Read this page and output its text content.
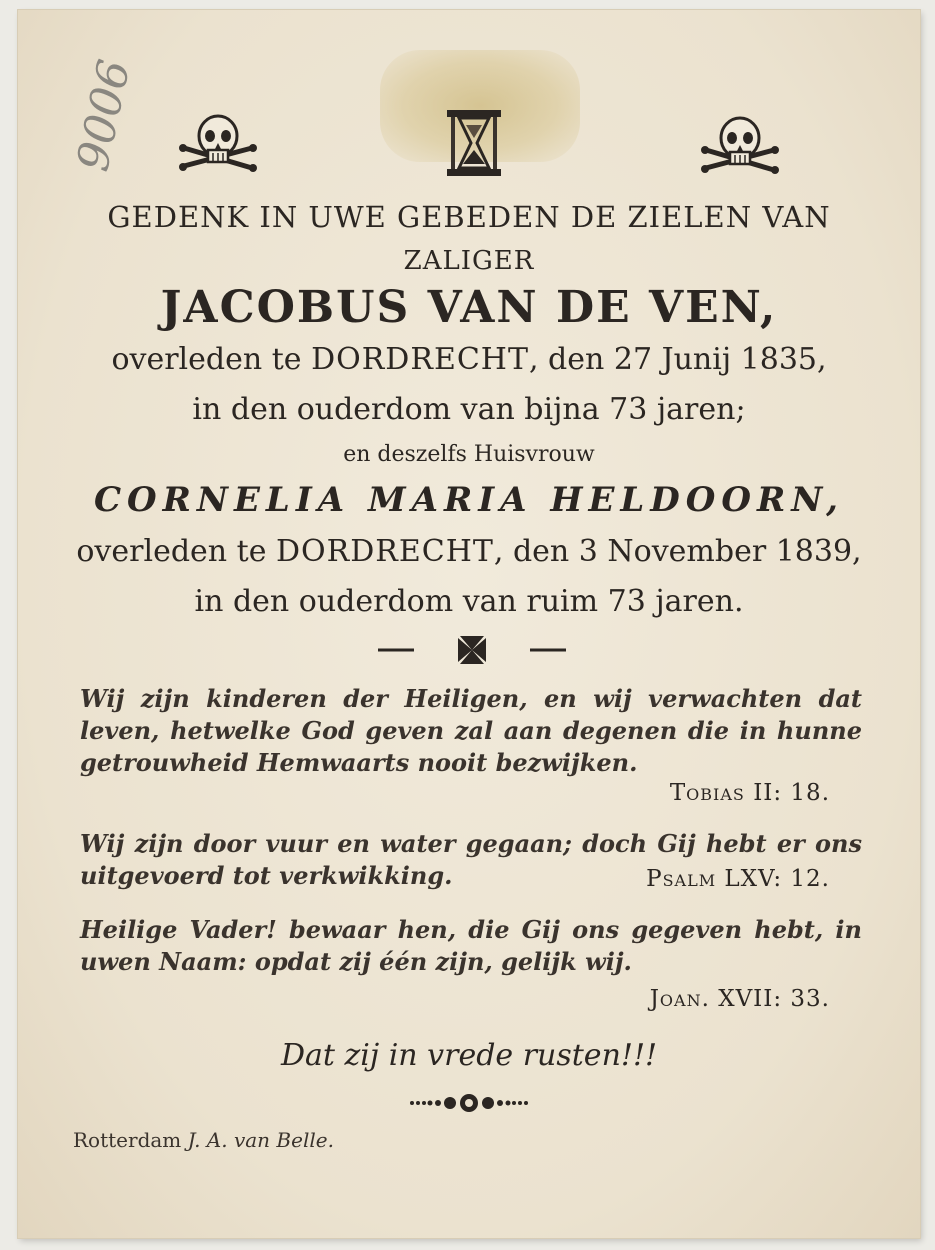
9006
GEDENK IN UWE GEBEDEN DE ZIELEN VAN
ZALIGER
JACOBUS VAN DE VEN,
overleden te DORDRECHT, den 27 Junij 1835,
in den ouderdom van bijna 73 jaren;
en deszelfs Huisvrouw
CORNELIA MARIA HELDOORN,
overleden te DORDRECHT, den 3 November 1839,
in den ouderdom van ruim 73 jaren.
Wij zijn kinderen der Heiligen, en wij verwachten dat leven, hetwelke God geven zal aan degenen die in hunne getrouwheid Hemwaarts nooit bezwijken.
Tobias II: 18.
Wij zijn door vuur en water gegaan; doch Gij hebt er ons uitgevoerd tot verkwikking.	Psalm LXV: 12.
Heilige Vader! bewaar hen, die Gij ons gegeven hebt, in uwen Naam: opdat zij één zijn, gelijk wij.
Joan. XVII: 33.
Dat zij in vrede rusten!!!
Rotterdam J. A. van Belle.
